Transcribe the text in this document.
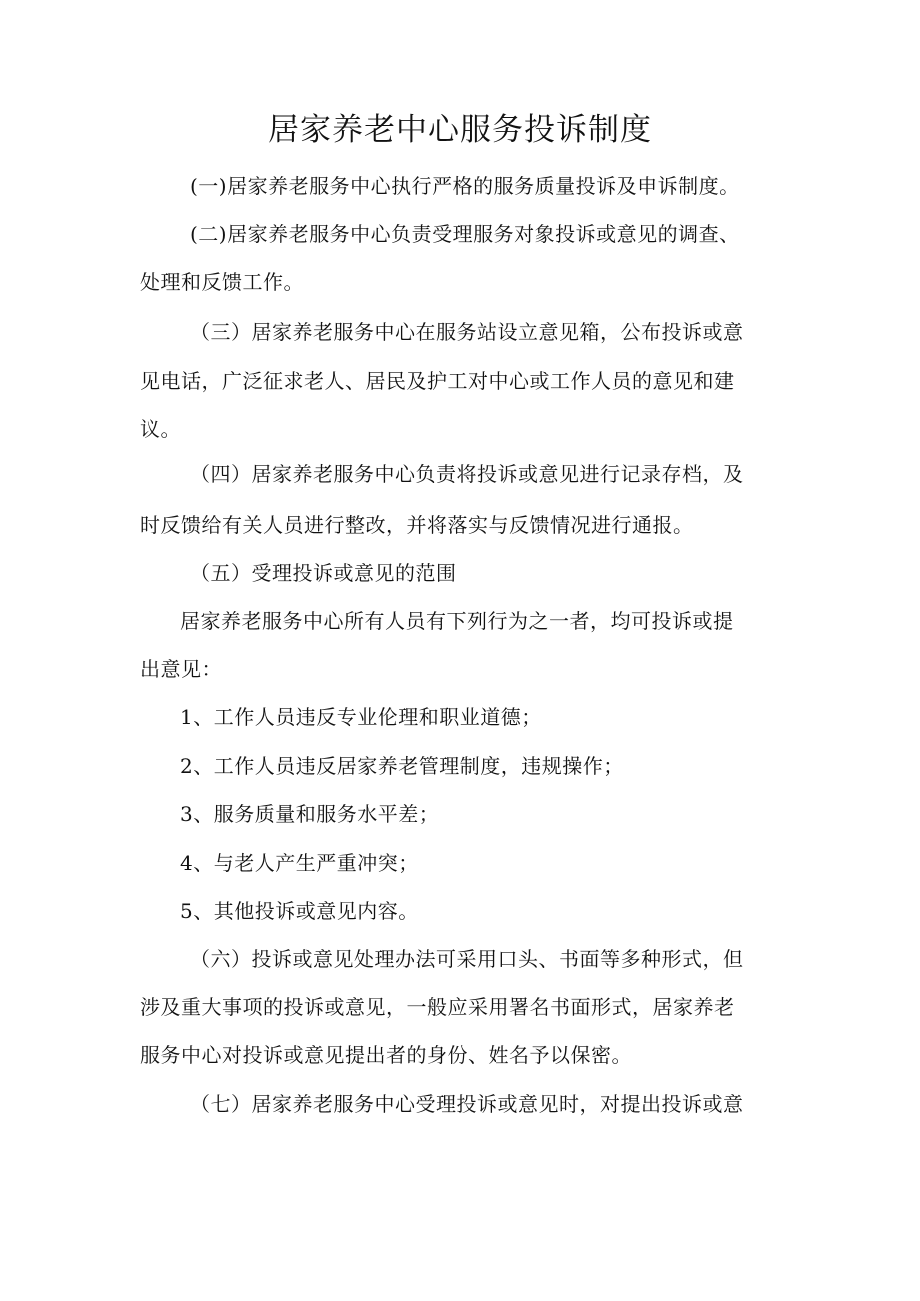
居家养老中心服务投诉制度
(一)居家养老服务中心执行严格的服务质量投诉及申诉制度。
(二)居家养老服务中心负责受理服务对象投诉或意见的调查、
处理和反馈工作。
（三）居家养老服务中心在服务站设立意见箱，公布投诉或意
见电话，广泛征求老人、居民及护工对中心或工作人员的意见和建
议。
（四）居家养老服务中心负责将投诉或意见进行记录存档，及
时反馈给有关人员进行整改，并将落实与反馈情况进行通报。
（五）受理投诉或意见的范围
居家养老服务中心所有人员有下列行为之一者，均可投诉或提
出意见：
1、工作人员违反专业伦理和职业道德；
2、工作人员违反居家养老管理制度，违规操作；
3、服务质量和服务水平差；
4、与老人产生严重冲突；
5、其他投诉或意见内容。
（六）投诉或意见处理办法可采用口头、书面等多种形式，但
涉及重大事项的投诉或意见，一般应采用署名书面形式，居家养老
服务中心对投诉或意见提出者的身份、姓名予以保密。
（七）居家养老服务中心受理投诉或意见时，对提出投诉或意
